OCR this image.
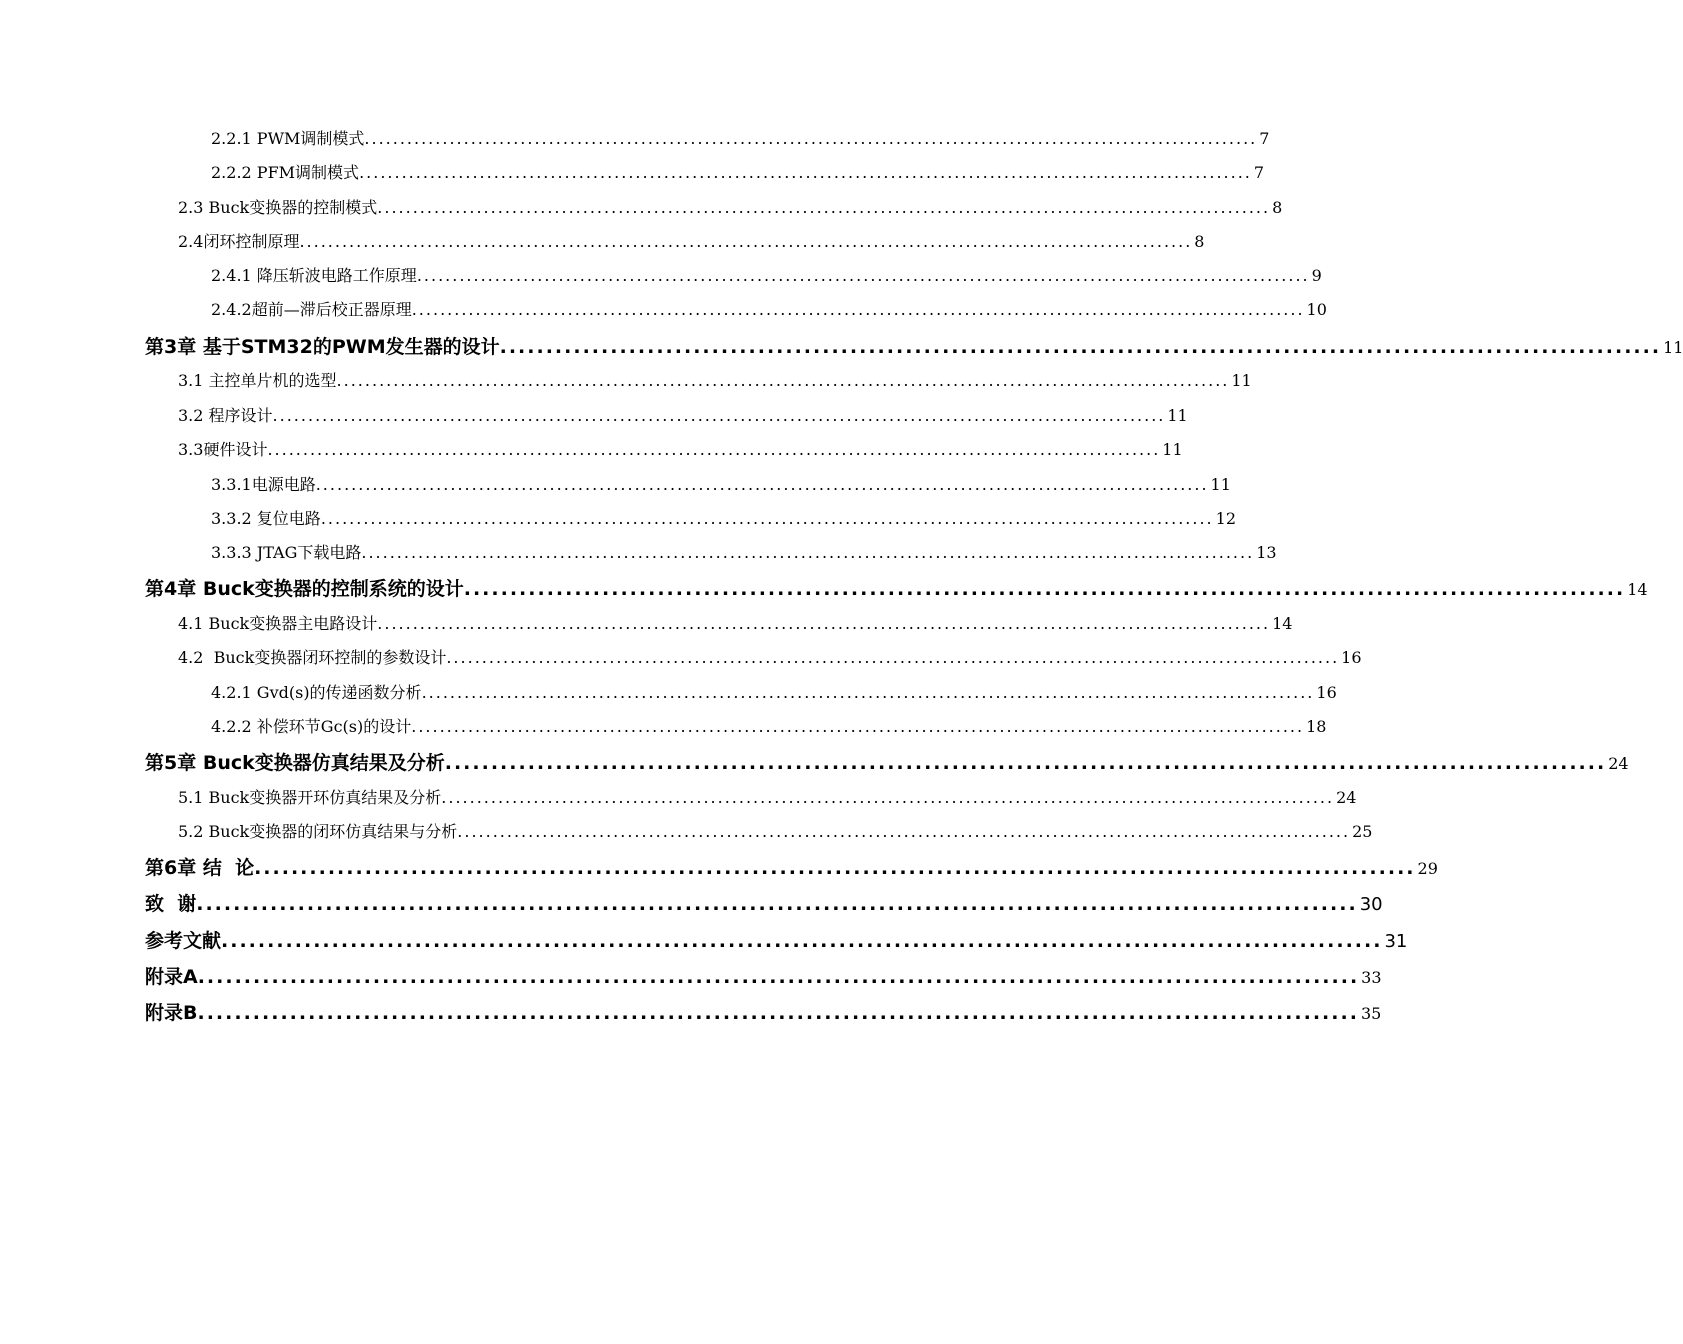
2.2.1 PWM调制模式 .............................................................................................................................. 7
2.2.2 PFM调制模式 .............................................................................................................................. 7
2.3 Buck变换器的控制模式 .............................................................................................................................. 8
2.4闭环控制原理 .............................................................................................................................. 8
2.4.1 降压斩波电路工作原理 .............................................................................................................................. 9
2.4.2超前—滞后校正器原理 .............................................................................................................................. 10
第3章 基于STM32的PWM发生器的设计 .............................................................................................................................. 11
3.1 主控单片机的选型 .............................................................................................................................. 11
3.2 程序设计 .............................................................................................................................. 11
3.3硬件设计 .............................................................................................................................. 11
3.3.1电源电路 .............................................................................................................................. 11
3.3.2 复位电路 .............................................................................................................................. 12
3.3.3 JTAG下载电路 .............................................................................................................................. 13
第4章 Buck变换器的控制系统的设计 .............................................................................................................................. 14
4.1 Buck变换器主电路设计 .............................................................................................................................. 14
4.2  Buck变换器闭环控制的参数设计 .............................................................................................................................. 16
4.2.1 Gvd(s)的传递函数分析 .............................................................................................................................. 16
4.2.2 补偿环节Gc(s)的设计 .............................................................................................................................. 18
第5章 Buck变换器仿真结果及分析 .............................................................................................................................. 24
5.1 Buck变换器开环仿真结果及分析 .............................................................................................................................. 24
5.2 Buck变换器的闭环仿真结果与分析 .............................................................................................................................. 25
第6章 结  论 .............................................................................................................................. 29
致  谢 .............................................................................................................................. 30
参考文献 .............................................................................................................................. 31
附录A .............................................................................................................................. 33
附录B .............................................................................................................................. 35
